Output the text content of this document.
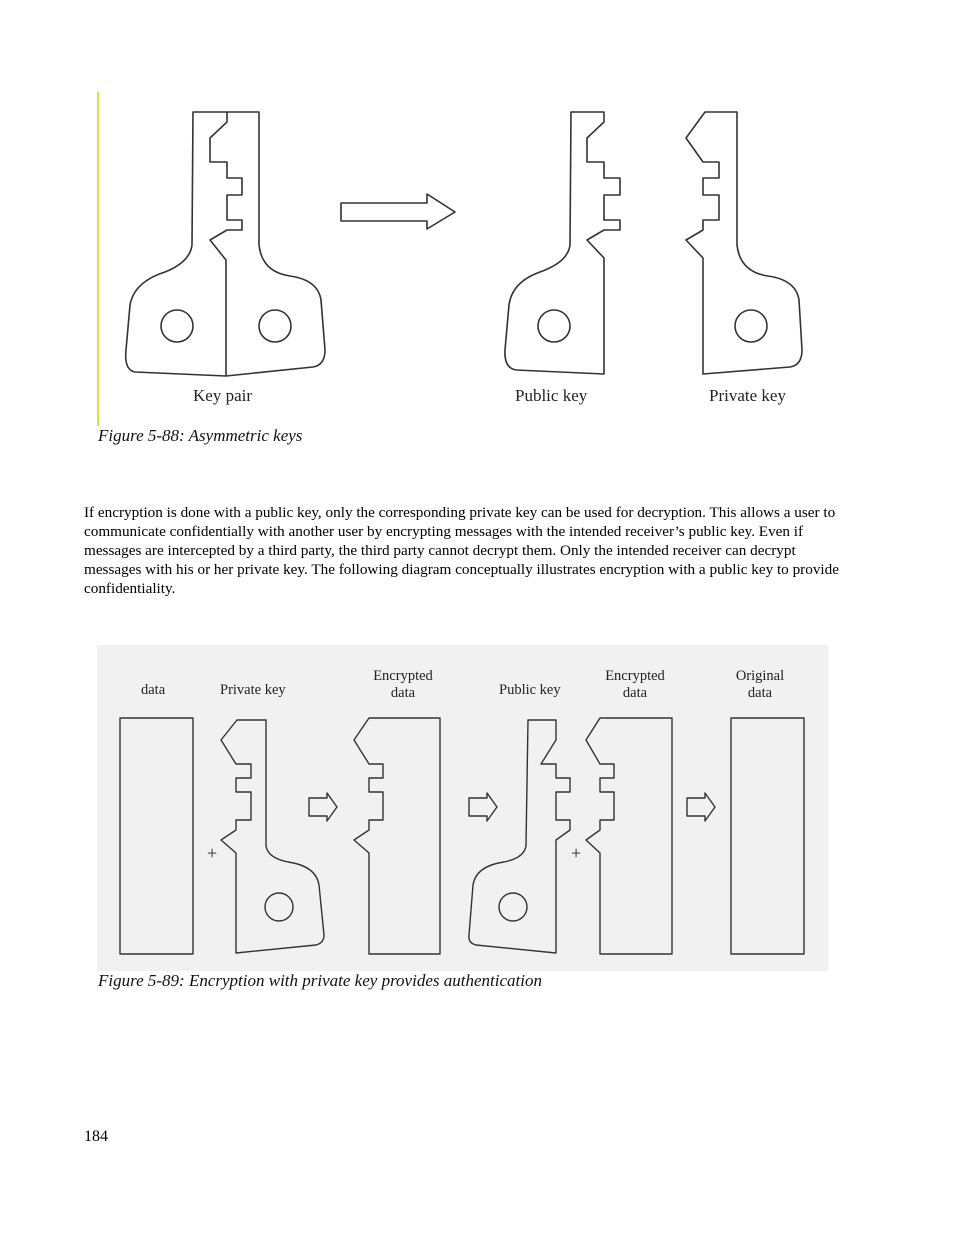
Key pair	Public key	Private key
Figure 5-88: Asymmetric keys

If encryption is done with a public key, only the corresponding private key can be used for decryption. This allows a user to communicate confidentially with another user by encrypting messages with the intended receiver’s public key. Even if messages are intercepted by a third party, the third party cannot decrypt them. Only the intended receiver can decrypt messages with his or her private key. The following diagram conceptually illustrates encryption with a public key to provide confidentiality.

data	Private key
Encrypted
data	Public key
Encrypted
data
Original
data
+	+
Figure 5-89: Encryption with private key provides authentication
184
